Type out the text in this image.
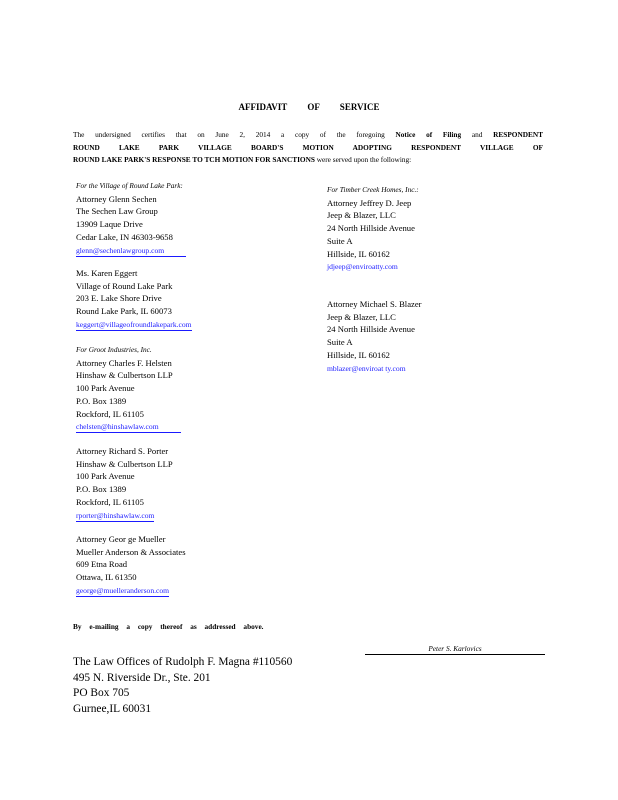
AFFIDAVIT OF SERVICE
The undersigned certifies that on June 2, 2014 a copy of the foregoing Notice of Filing and RESPONDENT
ROUND LAKE PARK VILLAGE BOARD'S MOTION ADOPTING RESPONDENT VILLAGE OF
ROUND LAKE PARK'S RESPONSE TO TCH MOTION FOR SANCTIONS were served upon the following:
For the Village of Round Lake Park:
Attorney Glenn Sechen
The Sechen Law Group
13909 Laque Drive
Cedar Lake, IN 46303-9658
glenn@sechenlawgroup.com
Ms. Karen Eggert
Village of Round Lake Park
203 E. Lake Shore Drive
Round Lake Park, IL 60073
keggert@villageofroundlakepark.com
For Groot Industries, Inc.
Attorney Charles F. Helsten
Hinshaw & Culbertson LLP
100 Park Avenue
P.O. Box 1389
Rockford, IL 61105
chelsten@hinshawlaw.com
Attorney Richard S. Porter
Hinshaw & Culbertson LLP
100 Park Avenue
P.O. Box 1389
Rockford, IL 61105
rporter@hinshawlaw.com
Attorney Geor ge Mueller
Mueller Anderson & Associates
609 Etna Road
Ottawa, IL 61350
george@muelleranderson.com
For Timber Creek Homes, Inc.:
Attorney Jeffrey D. Jeep
Jeep & Blazer, LLC
24 North Hillside Avenue
Suite A
Hillside, IL 60162
jdjeep@enviroatty.com
Attorney Michael S. Blazer
Jeep & Blazer, LLC
24 North Hillside Avenue
Suite A
Hillside, IL 60162
mblazer@enviroat ty.com
By e-mailing a copy thereof as addressed above.
Peter S. Karlovics
The Law Offices of Rudolph F. Magna #110560
495 N. Riverside Dr., Ste. 201
PO Box 705
Gurnee,IL 60031
